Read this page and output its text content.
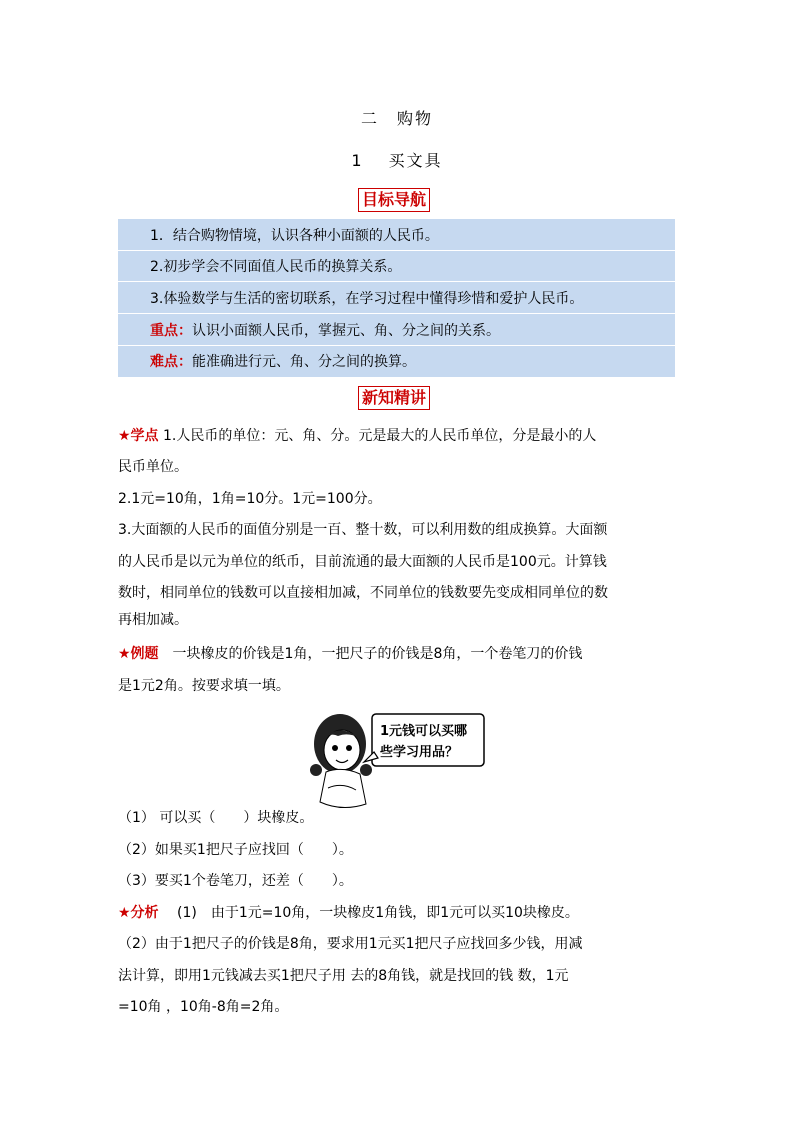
二　购物
1　 买文具
目标导航
1．结合购物情境，认识各种小面额的人民币。
2.初步学会不同面值人民币的换算关系。
3.体验数学与生活的密切联系，在学习过程中懂得珍惜和爱护人民币。
重点：认识小面额人民币，掌握元、角、分之间的关系。
难点：能准确进行元、角、分之间的换算。
新知精讲
★学点 1.人民币的单位：元、角、分。元是最大的人民币单位，分是最小的人
民币单位。
2.1元=10角，1角=10分。1元=100分。
3.大面额的人民币的面值分别是一百、整十数，可以利用数的组成换算。大面额
的人民币是以元为单位的纸币，目前流通的最大面额的人民币是100元。计算钱
数时，相同单位的钱数可以直接相加减，不同单位的钱数要先变成相同单位的数
再相加减。
★例题　一块橡皮的价钱是1角，一把尺子的价钱是8角，一个卷笔刀的价钱
是1元2角。按要求填一填。
1元钱可以买哪
些学习用品？
（1） 可以买（　　）块橡皮。
（2）如果买1把尺子应找回（　　）。
（3）要买1个卷笔刀，还差（　　）。
★分析　 (1)　由于1元=10角，一块橡皮1角钱，即1元可以买10块橡皮。
（2）由于1把尺子的价钱是8角，要求用1元买1把尺子应找回多少钱，用减
法计算，即用1元钱减去买1把尺子用 去的8角钱，就是找回的钱 数，1元
=10角 ，10角-8角=2角。
